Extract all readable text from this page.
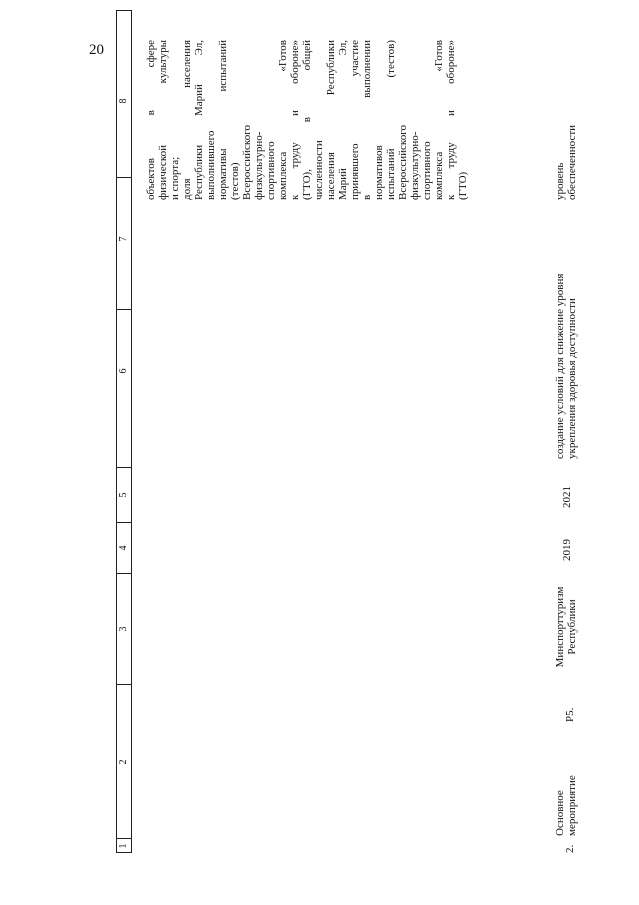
20
1
2
3
4
5
6
7
8
2.
Основное мероприятие
P5.
Минспорттуризм Республики
2019
2021
создание условий для снижение уровня укрепления здоровья доступности
объектов в сфере физической культуры и спорта; доля населения Республики Марий Эл, выполнившего нормативы испытаний (тестов) Всероссийского физкультурно- спортивного комплекса «Готов к труду и обороне» (ГТО), в общей численности населения Республики Марий Эл, принявшего участие в выполнении нормативов испытаний (тестов) Всероссийского физкультурно- спортивного комплекса «Готов к труду и обороне» (ГТО)	уровень обеспеченности
